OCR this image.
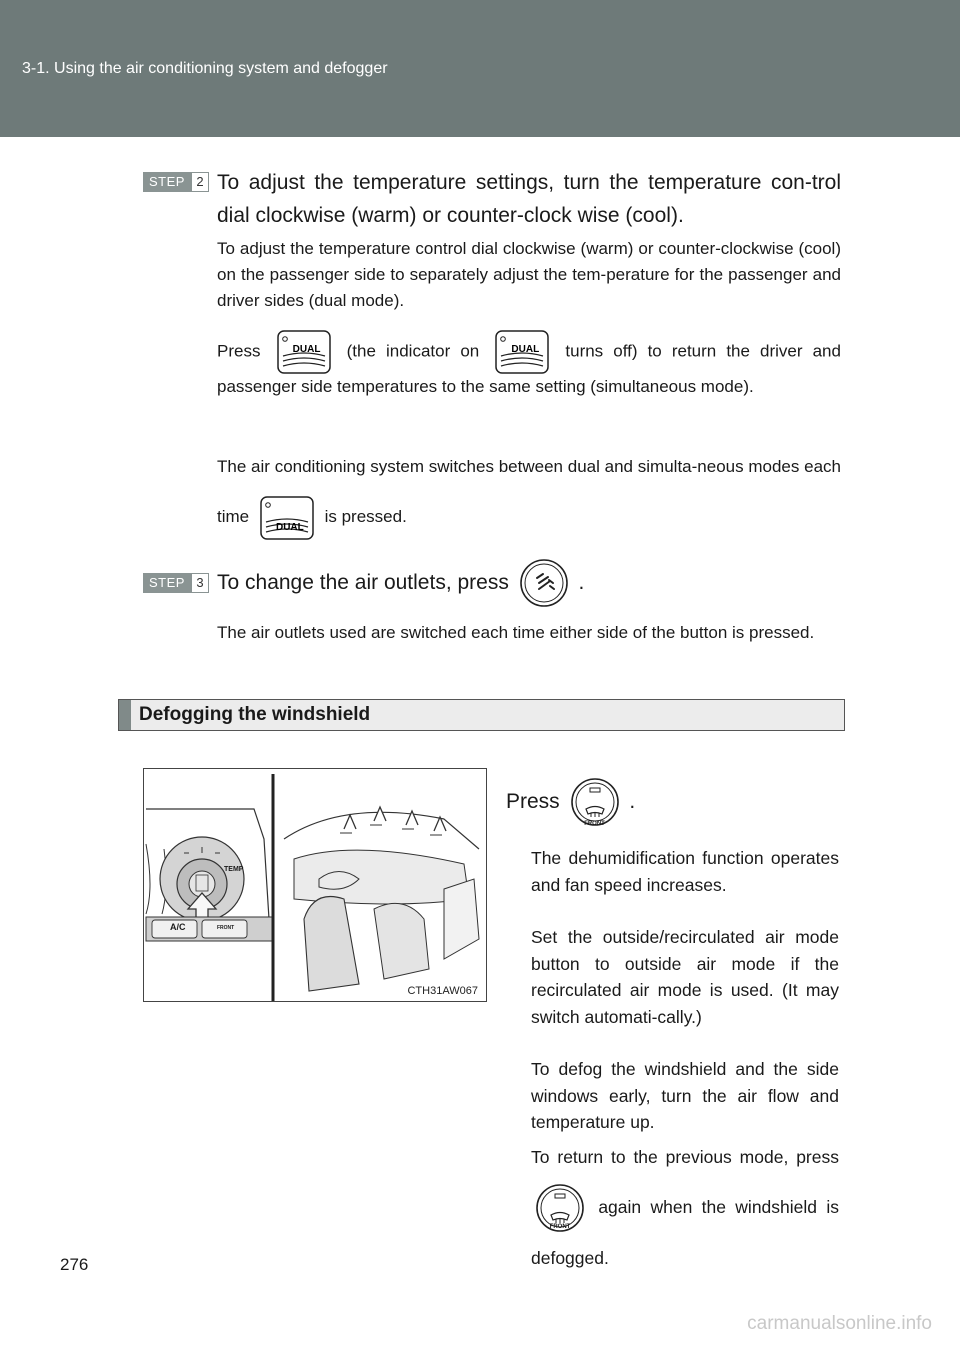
3-1. Using the air conditioning system and defogger
STEP 2 To adjust the temperature settings, turn the temperature con-trol dial clockwise (warm) or counter-clock wise (cool).
To adjust the temperature control dial clockwise (warm) or counter-clockwise (cool) on the passenger side to separately adjust the tem-perature for the passenger and driver sides (dual mode).
Press	DUAL	(the indicator on	DUAL	turns off) to return the driver and passenger side temperatures to the same setting (simultaneous mode).
The air conditioning system switches between dual and simulta-neous modes each time
DUAL
is pressed.
STEP 3 To change the air outlets, press	.
The air outlets used are switched each time either side of the button is pressed.
Defogging the windshield
A/C
TEMP
FRONT
CTH31AW067
Press
FRONT
.
The dehumidification function operates and fan speed increases.
Set the outside/recirculated air mode button to outside air mode if the recirculated air mode is used. (It may switch automati-cally.)
To defog the windshield and the side windows early, turn the air flow and temperature up.
To return to the previous mode, press
FRONT
again when the windshield is defogged.
276
carmanualsonline.info
